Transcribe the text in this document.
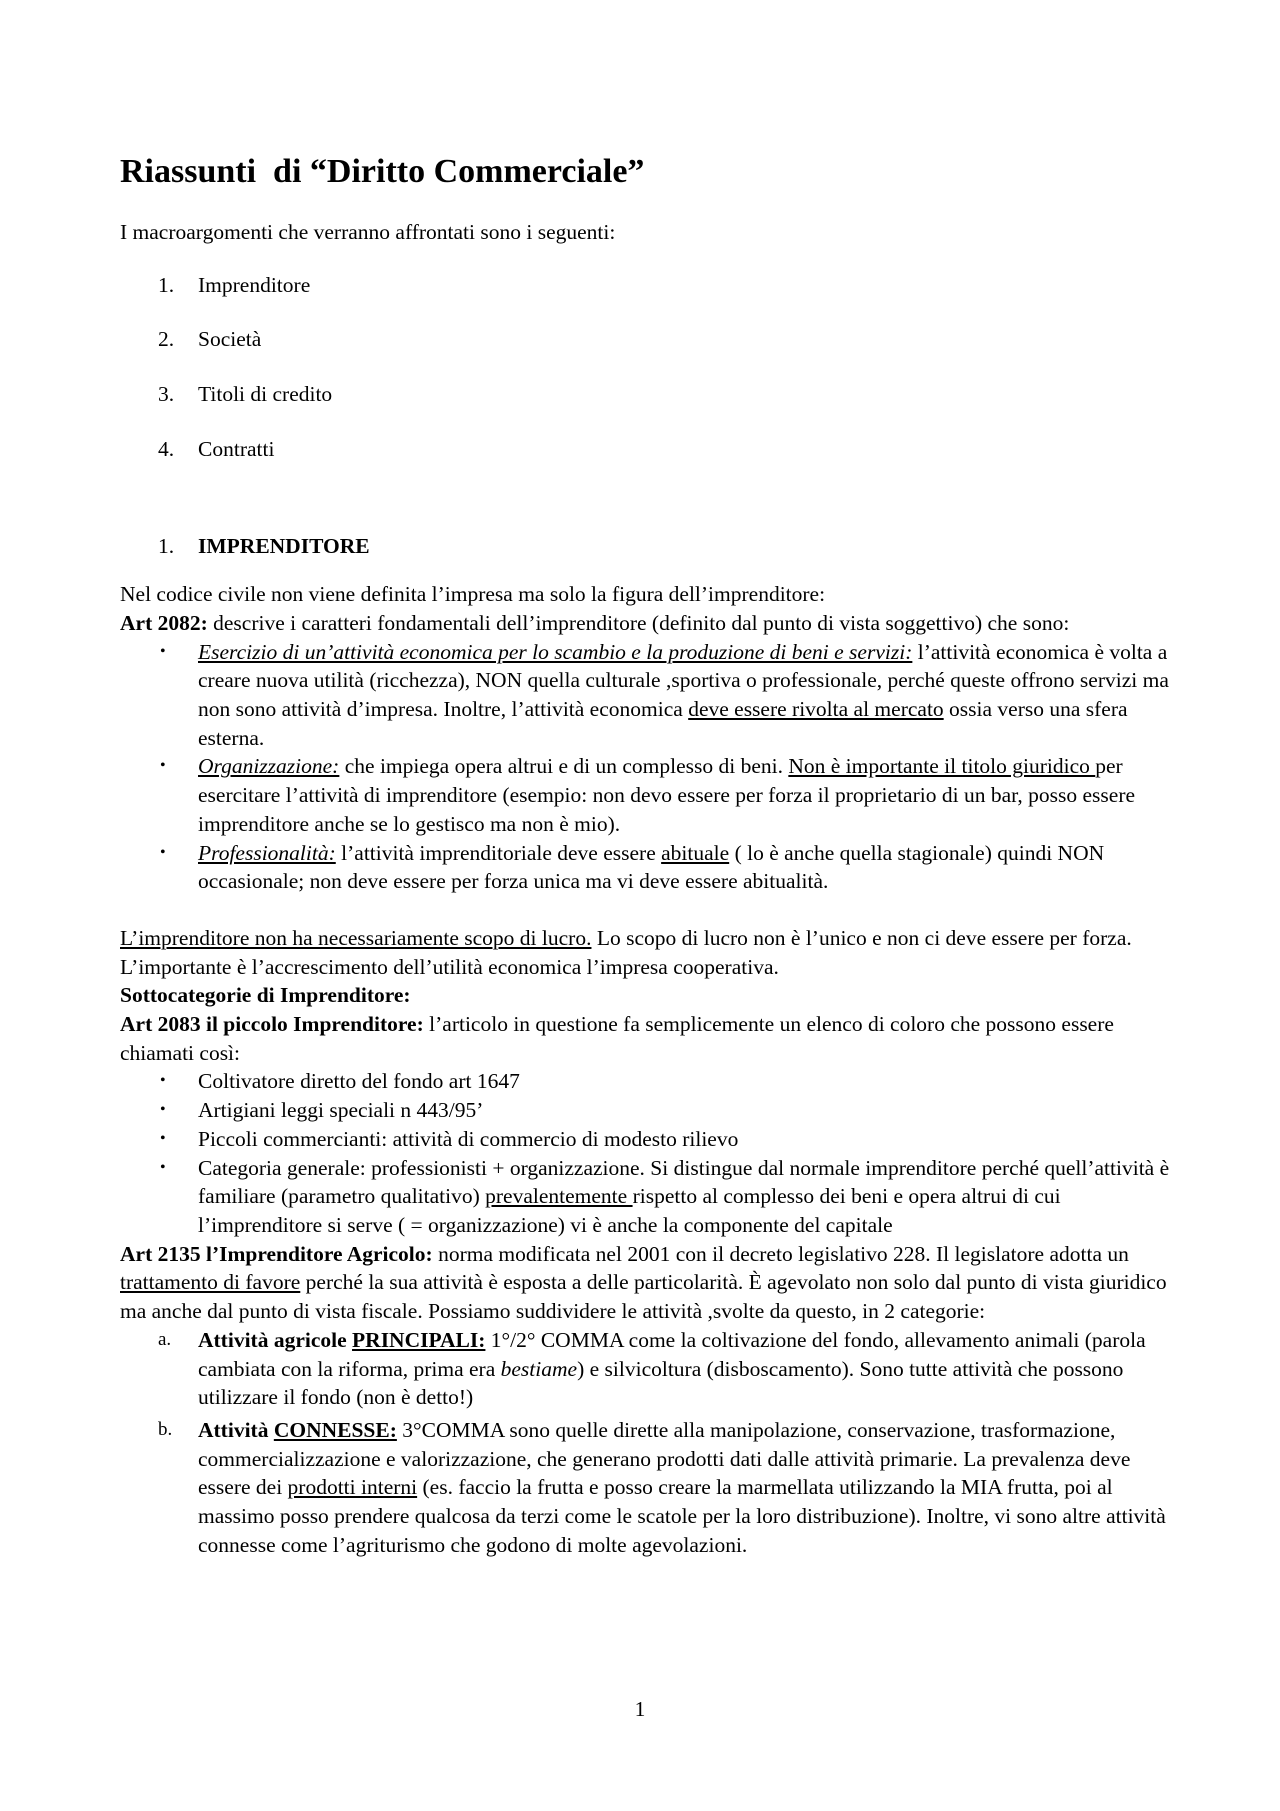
Riassunti  di “Diritto Commerciale”

I macroargomenti che verranno affrontati sono i seguenti:

1.	Imprenditore
2.	Società
3.	Titoli di credito
4.	Contratti
1.	IMPRENDITORE

Nel codice civile non viene definita l’impresa ma solo la figura dell’imprenditore:

Art 2082: descrive i caratteri fondamentali dell’imprenditore (definito dal punto di vista soggettivo) che sono:

• Esercizio di un’attività economica per lo scambio e la produzione di beni e servizi: l’attività economica è volta a creare nuova utilità (ricchezza), NON quella culturale ,sportiva o professionale, perché queste offrono servizi ma non sono attività d’impresa. Inoltre, l’attività economica deve essere rivolta al mercato ossia verso una sfera esterna.
• Organizzazione: che impiega opera altrui e di un complesso di beni. Non è importante il titolo giuridico per esercitare l’attività di imprenditore (esempio: non devo essere per forza il proprietario di un bar, posso essere imprenditore anche se lo gestisco ma non è mio).
• Professionalità: l’attività imprenditoriale deve essere abituale ( lo è anche quella stagionale) quindi NON occasionale; non deve essere per forza unica ma vi deve essere abitualità.

L’imprenditore non ha necessariamente scopo di lucro. Lo scopo di lucro non è l’unico e non ci deve essere per forza. L’importante è l’accrescimento dell’utilità economica l’impresa cooperativa.

Sottocategorie di Imprenditore:

Art 2083 il piccolo Imprenditore: l’articolo in questione fa semplicemente un elenco di coloro che possono essere chiamati così:

• Coltivatore diretto del fondo art 1647
• Artigiani leggi speciali n 443/95’
• Piccoli commercianti: attività di commercio di modesto rilievo
• Categoria generale: professionisti + organizzazione. Si distingue dal normale imprenditore perché quell’attività è familiare (parametro qualitativo) prevalentemente rispetto al complesso dei beni e opera altrui di cui l’imprenditore si serve ( = organizzazione) vi è anche la componente del capitale

Art 2135 l’Imprenditore Agricolo: norma modificata nel 2001 con il decreto legislativo 228. Il legislatore adotta un trattamento di favore perché la sua attività è esposta a delle particolarità. È agevolato non solo dal punto di vista giuridico ma anche dal punto di vista fiscale. Possiamo suddividere le attività ,svolte da questo, in 2 categorie:

a.	Attività agricole PRINCIPALI: 1°/2° COMMA come la coltivazione del fondo, allevamento animali (parola cambiata con la riforma, prima era bestiame) e silvicoltura (disboscamento). Sono tutte attività che possono utilizzare il fondo (non è detto!)
b.	Attività CONNESSE: 3°COMMA sono quelle dirette alla manipolazione, conservazione, trasformazione, commercializzazione e valorizzazione, che generano prodotti dati dalle attività primarie. La prevalenza deve essere dei prodotti interni (es. faccio la frutta e posso creare la marmellata utilizzando la MIA frutta, poi al massimo posso prendere qualcosa da terzi come le scatole per la loro distribuzione). Inoltre, vi sono altre attività connesse come l’agriturismo che godono di molte agevolazioni.
1
